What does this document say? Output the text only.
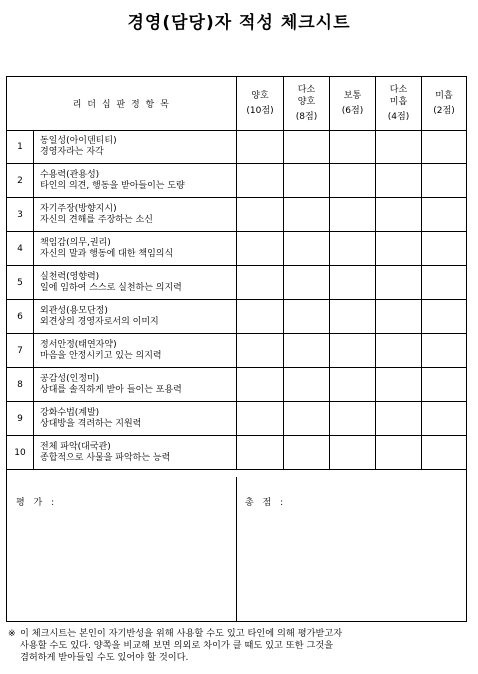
경영(담당)자 적성 체크시트
리 더 십 판 정 항 목
양호
(10점)
다소
양호
(8점)
보통
(6점)
다소
미흡
(4점)
미흡
(2점)
1
동일성(아이덴티티)
경영자라는 자각
2
수용력(관용성)
타인의 의견, 행동을 받아들이는 도량
3
자기주장(방향지시)
자신의 견해를 주장하는 소신
4
책임감(의무,권리)
자신의 말과 행동에 대한 책임의식
5
실천력(영향력)
일에 임하여 스스로 실천하는 의지력
6
외관성(용모단정)
외견상의 경영자로서의 이미지
7
정서안정(태연자약)
마음을 안정시키고 있는 의지력
8
공감성(인정미)
상대를 솔직하게 받아 들이는 포용력
9
강화수법(계발)
상대방을 격려하는 지원력
10
전체 파악(대국관)
종합적으로 사물을 파악하는 능력
평 가 :	총 점 :
※ 이 체크시트는 본인이 자기반성을 위해 사용할 수도 있고 타인에 의해 평가받고자
사용할 수도 있다. 양쪽을 비교해 보면 의외로 차이가 클 때도 있고 또한 그것을
겸허하게 받아들일 수도 있어야 할 것이다.
